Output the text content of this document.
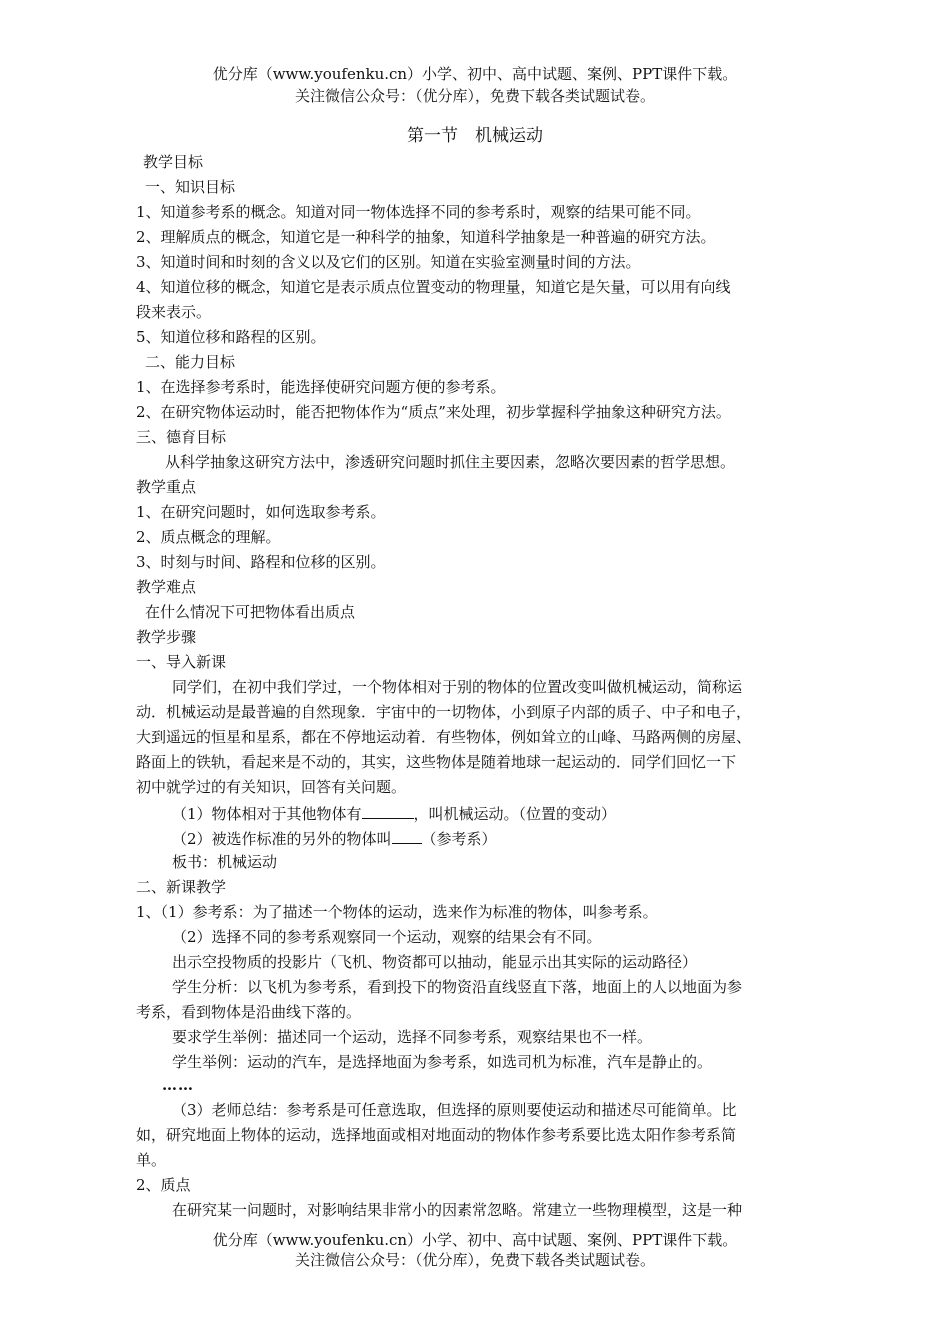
优分库（www.youfenku.cn）小学、初中、高中试题、案例、PPT课件下载。
关注微信公众号：（优分库），免费下载各类试题试卷。
第一节　机械运动
教学目标
一、知识目标
1、知道参考系的概念。知道对同一物体选择不同的参考系时，观察的结果可能不同。
2、理解质点的概念，知道它是一种科学的抽象，知道科学抽象是一种普遍的研究方法。
3、知道时间和时刻的含义以及它们的区别。知道在实验室测量时间的方法。
4、知道位移的概念，知道它是表示质点位置变动的物理量，知道它是矢量，可以用有向线
段来表示。
5、知道位移和路程的区别。
二、能力目标
1、在选择参考系时，能选择使研究问题方便的参考系。
2、在研究物体运动时，能否把物体作为“质点”来处理，初步掌握科学抽象这种研究方法。
三、德育目标
从科学抽象这研究方法中，渗透研究问题时抓住主要因素，忽略次要因素的哲学思想。
教学重点
1、在研究问题时，如何选取参考系。
2、质点概念的理解。
3、时刻与时间、路程和位移的区别。
教学难点
在什么情况下可把物体看出质点
教学步骤
一、导入新课
同学们，在初中我们学过，一个物体相对于别的物体的位置改变叫做机械运动，简称运
动．机械运动是最普遍的自然现象．宇宙中的一切物体，小到原子内部的质子、中子和电子，
大到遥远的恒星和星系，都在不停地运动着．有些物体，例如耸立的山峰、马路两侧的房屋、
路面上的铁轨，看起来是不动的，其实，这些物体是随着地球一起运动的．同学们回忆一下
初中就学过的有关知识，回答有关问题。
（1）物体相对于其他物体有	，叫机械运动。（位置的变动）
（2）被选作标准的另外的物体叫 （参考系）
板书：机械运动
二、新课教学
1、（1）参考系：为了描述一个物体的运动，选来作为标准的物体，叫参考系。
（2）选择不同的参考系观察同一个运动，观察的结果会有不同。
出示空投物质的投影片（飞机、物资都可以抽动，能显示出其实际的运动路径）
学生分析：以飞机为参考系，看到投下的物资沿直线竖直下落，地面上的人以地面为参
考系，看到物体是沿曲线下落的。
要求学生举例：描述同一个运动，选择不同参考系，观察结果也不一样。
学生举例：运动的汽车，是选择地面为参考系，如选司机为标准，汽车是静止的。
……
（3）老师总结：参考系是可任意选取，但选择的原则要使运动和描述尽可能简单。比
如，研究地面上物体的运动，选择地面或相对地面动的物体作参考系要比选太阳作参考系简
单。
2、质点
在研究某一问题时，对影响结果非常小的因素常忽略。常建立一些物理模型，这是一种
优分库（www.youfenku.cn）小学、初中、高中试题、案例、PPT课件下载。
关注微信公众号：（优分库），免费下载各类试题试卷。
